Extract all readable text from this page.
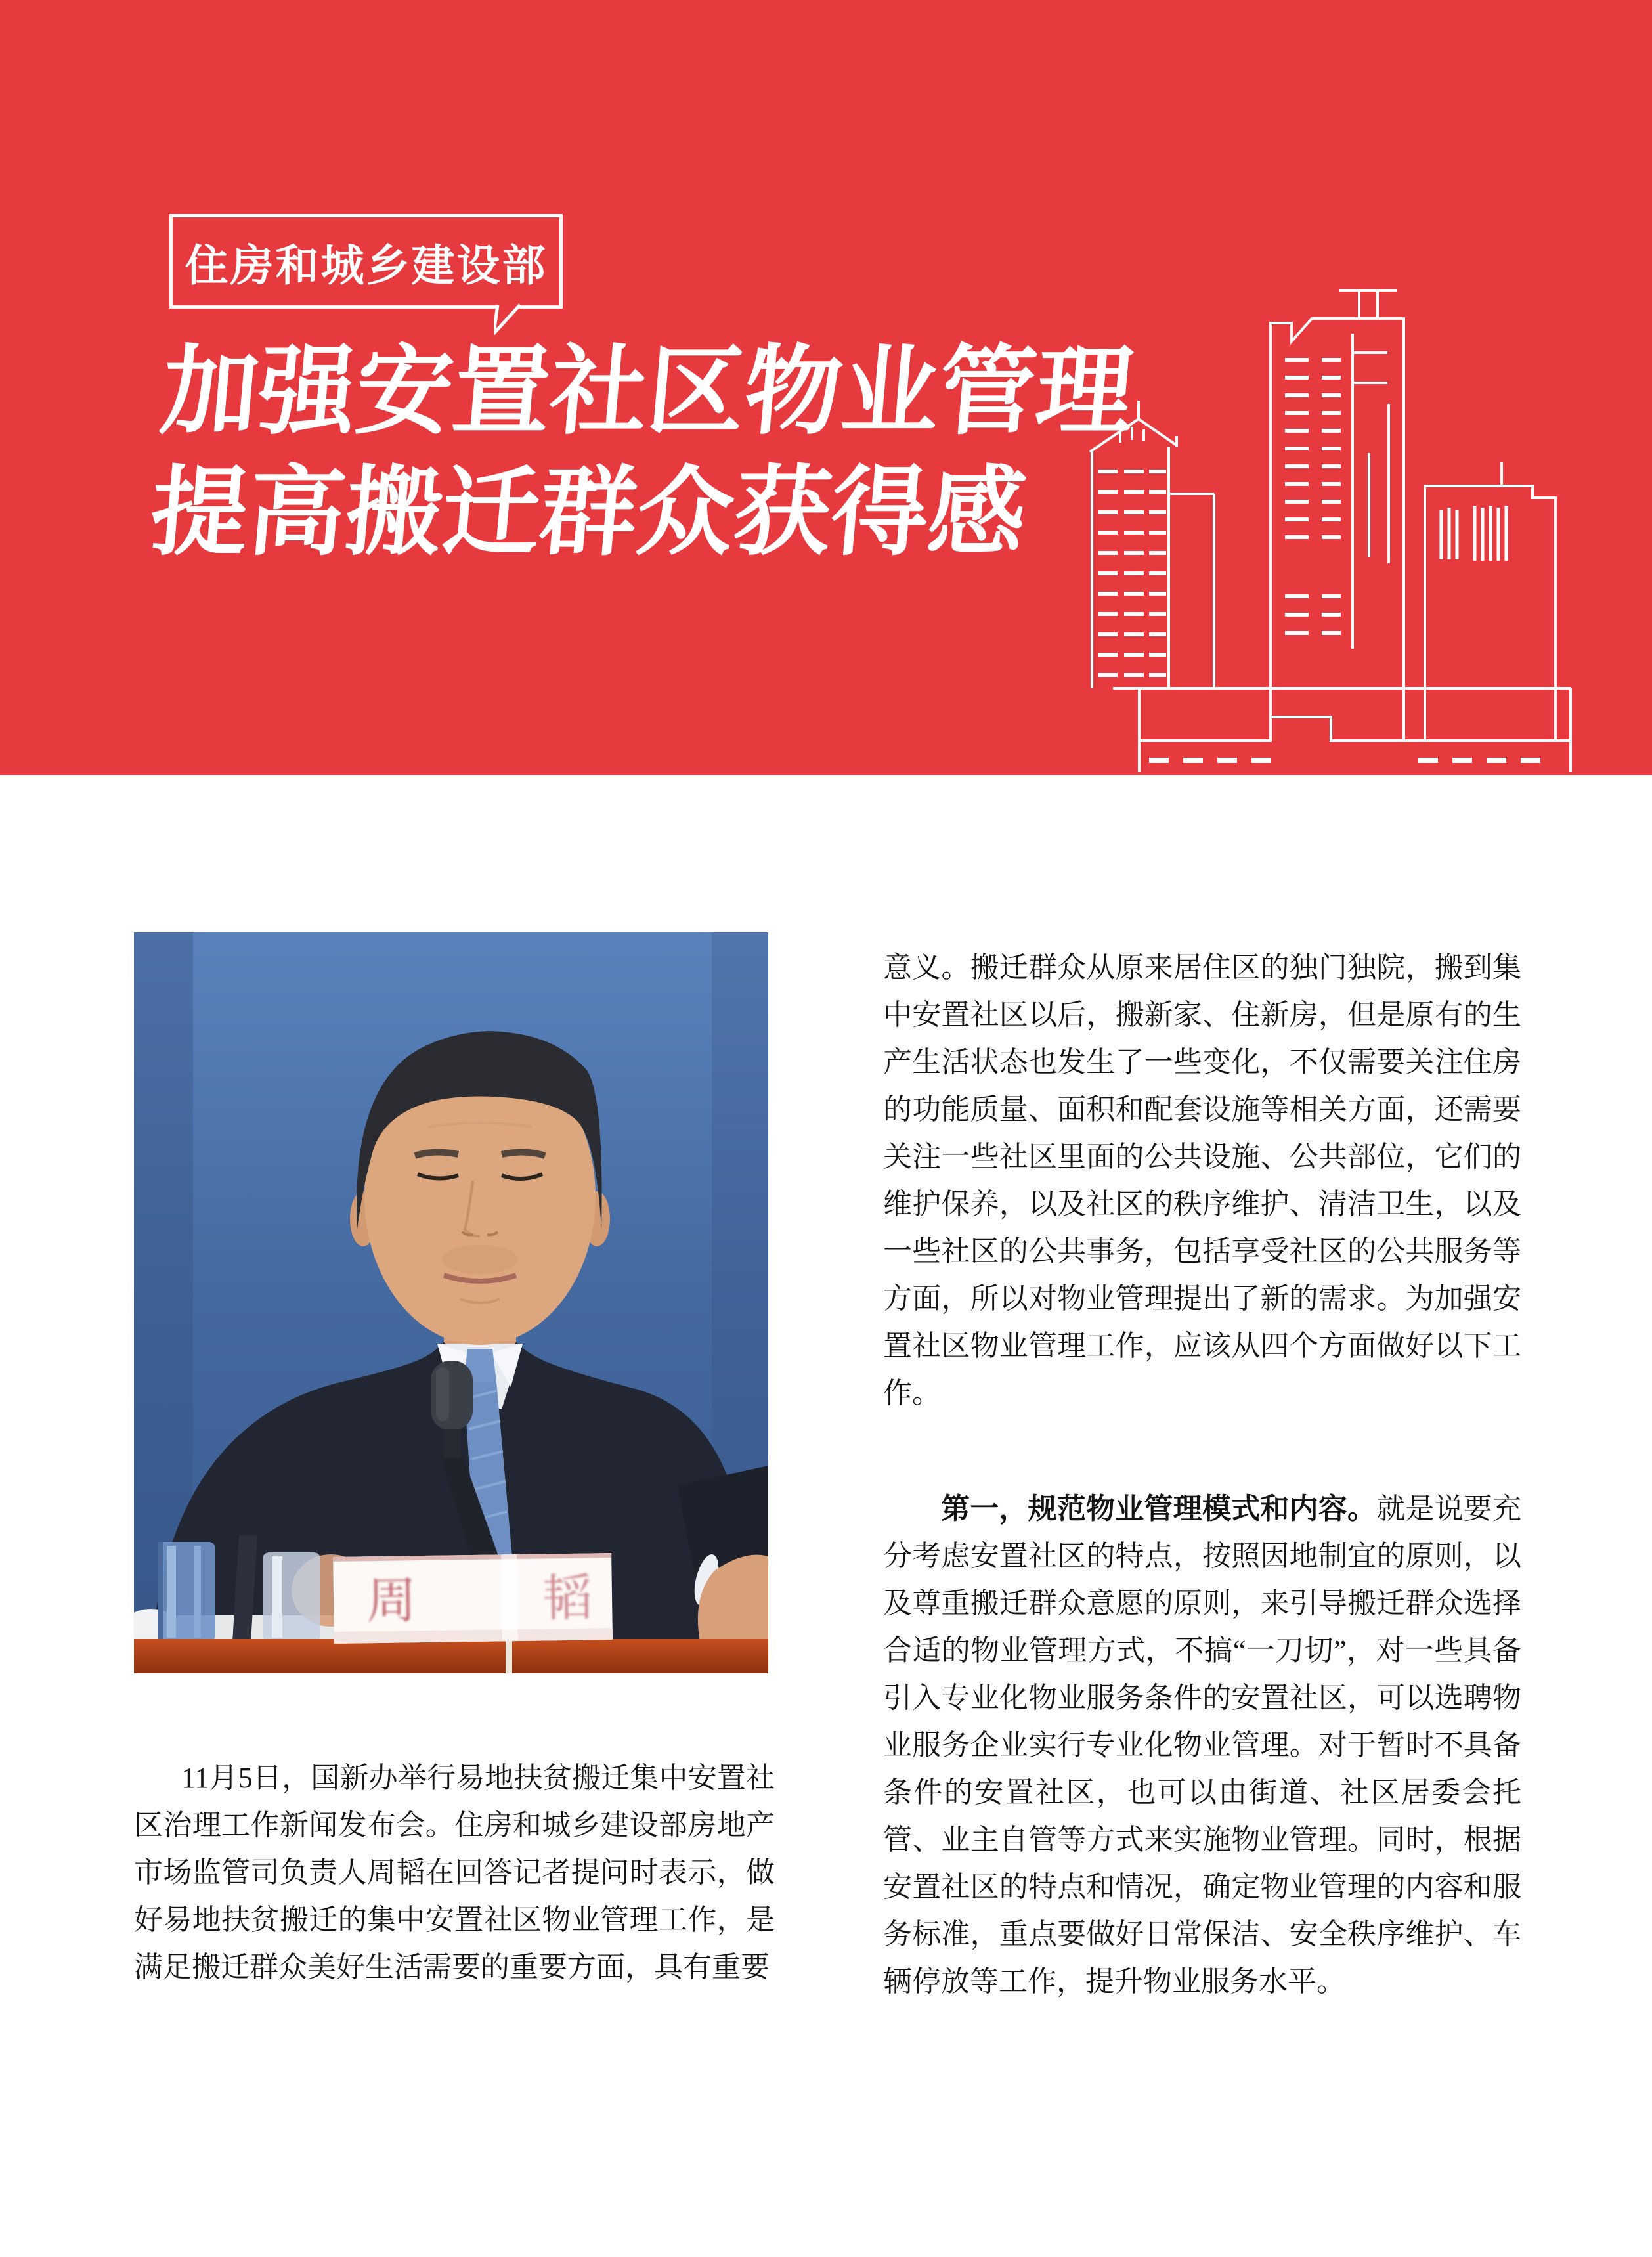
住房和城乡建设部
加强安置社区物业管理
提高搬迁群众获得感
周	韬

11月5日，国新办举行易地扶贫搬迁集中安置社区治理工作新闻发布会。住房和城乡建设部房地产市场监管司负责人周韬在回答记者提问时表示，做好易地扶贫搬迁的集中安置社区物业管理工作，是满足搬迁群众美好生活需要的重要方面，具有重要

意义。搬迁群众从原来居住区的独门独院，搬到集中安置社区以后，搬新家、住新房，但是原有的生产生活状态也发生了一些变化，不仅需要关注住房的功能质量、面积和配套设施等相关方面，还需要关注一些社区里面的公共设施、公共部位，它们的维护保养，以及社区的秩序维护、清洁卫生，以及一些社区的公共事务，包括享受社区的公共服务等方面，所以对物业管理提出了新的需求。为加强安置社区物业管理工作，应该从四个方面做好以下工作。

第一，规范物业管理模式和内容。就是说要充分考虑安置社区的特点，按照因地制宜的原则，以及尊重搬迁群众意愿的原则，来引导搬迁群众选择合适的物业管理方式，不搞“一刀切”，对一些具备引入专业化物业服务条件的安置社区，可以选聘物业服务企业实行专业化物业管理。对于暂时不具备条件的安置社区，也可以由街道、社区居委会托管、业主自管等方式来实施物业管理。同时，根据安置社区的特点和情况，确定物业管理的内容和服务标准，重点要做好日常保洁、安全秩序维护、车辆停放等工作，提升物业服务水平。
